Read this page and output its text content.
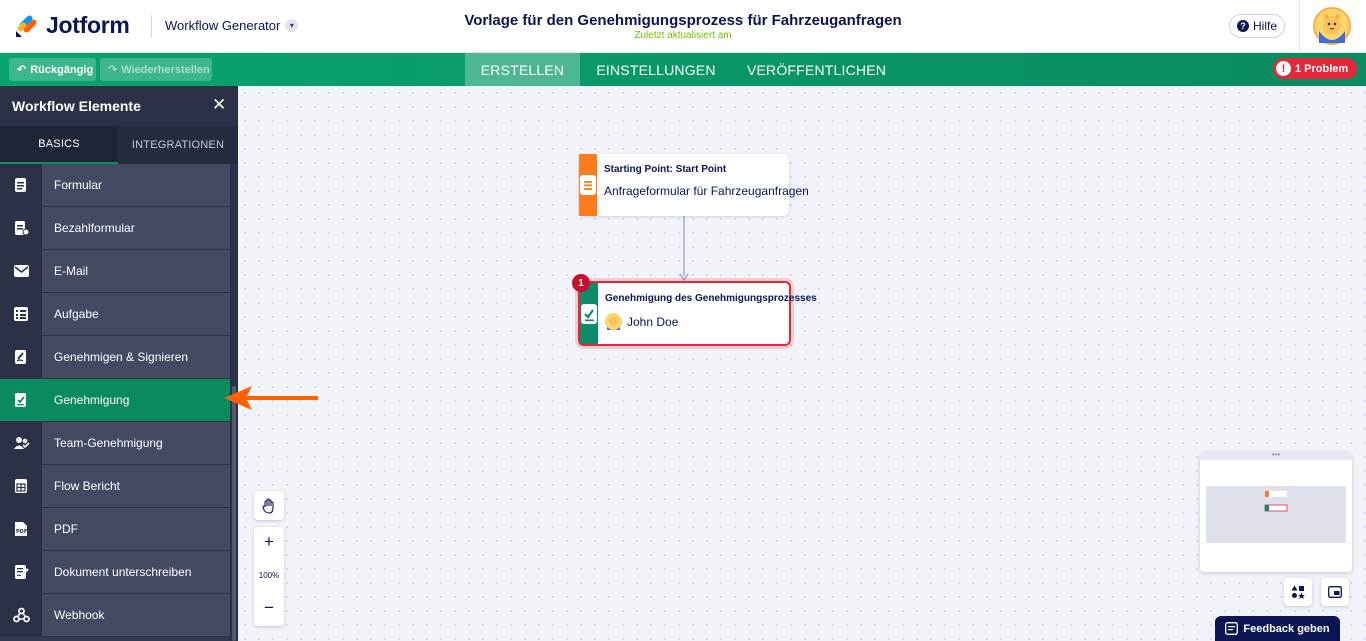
Jotform	Workflow Generator	▾	Vorlage für den Genehmigungsprozess für Fahrzeuganfragen
Zuletzt aktualisiert am
? Hilfe
↶ Rückgängig ↷ Wiederherstellen	ERSTELLEN	EINSTELLUNGEN	VERÖFFENTLICHEN	! 1 Problem
Workflow Elemente	✕
BASICS	INTEGRATIONEN
Formular
Bezahlformular
E-Mail
Aufgabe
Genehmigen & Signieren
Genehmigung
Team-Genehmigung
Flow Bericht
PDF	PDF
Dokument unterschreiben
Webhook
Starting Point: Start Point
Anfrageformular für Fahrzeuganfragen
1
Genehmigung des Genehmigungsprozesses
John Doe
+
100%
−
•••
Feedback geben
